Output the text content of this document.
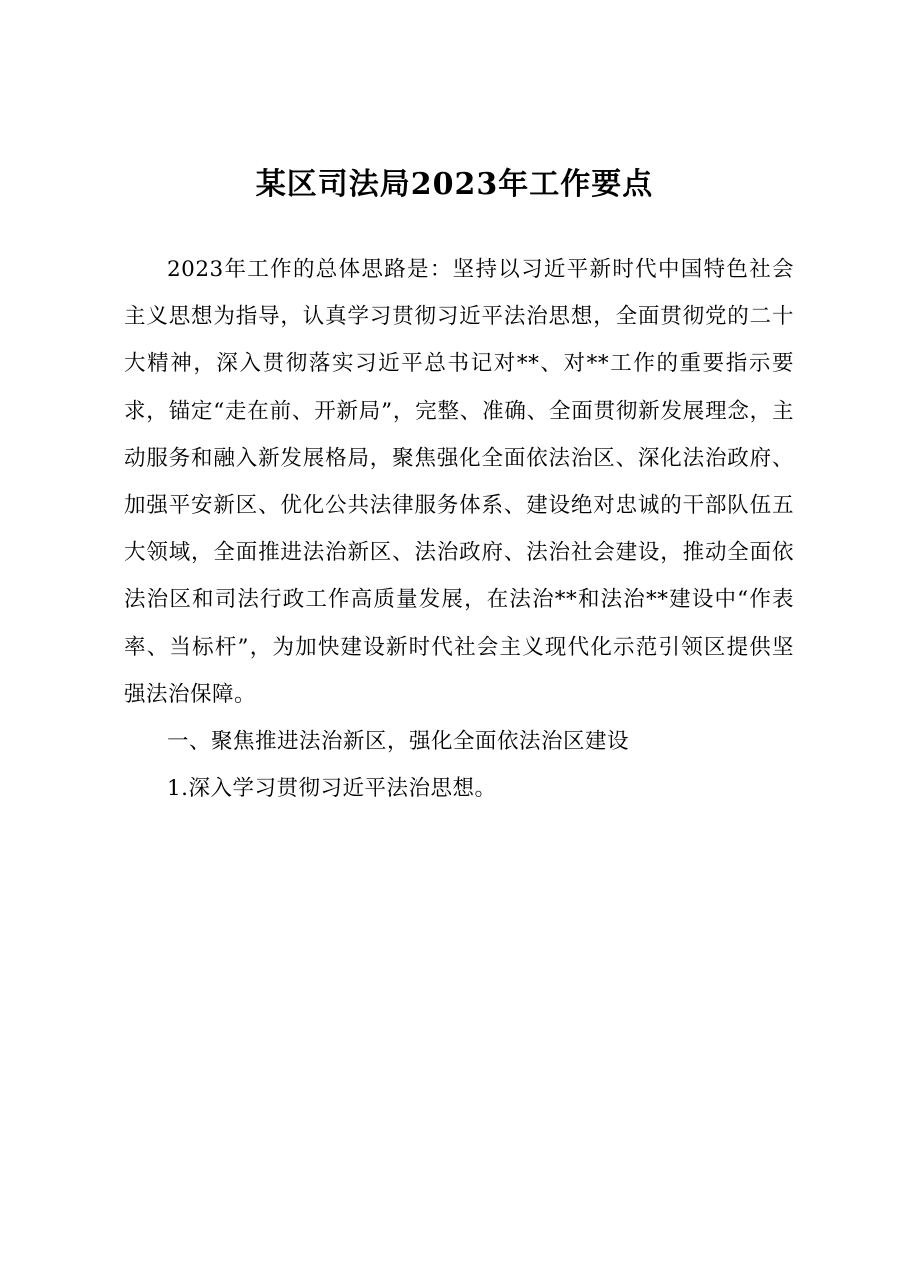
某区司法局2023年工作要点

2023年工作的总体思路是：坚持以习近平新时代中国特色社会主义思想为指导，认真学习贯彻习近平法治思想，全面贯彻党的二十大精神，深入贯彻落实习近平总书记对**、对**工作的重要指示要求，锚定“走在前、开新局”，完整、准确、全面贯彻新发展理念，主动服务和融入新发展格局，聚焦强化全面依法治区、深化法治政府、加强平安新区、优化公共法律服务体系、建设绝对忠诚的干部队伍五大领域，全面推进法治新区、法治政府、法治社会建设，推动全面依法治区和司法行政工作高质量发展，在法治**和法治**建设中“作表率、当标杆”，为加快建设新时代社会主义现代化示范引领区提供坚强法治保障。

一、聚焦推进法治新区，强化全面依法治区建设

1.深入学习贯彻习近平法治思想。
